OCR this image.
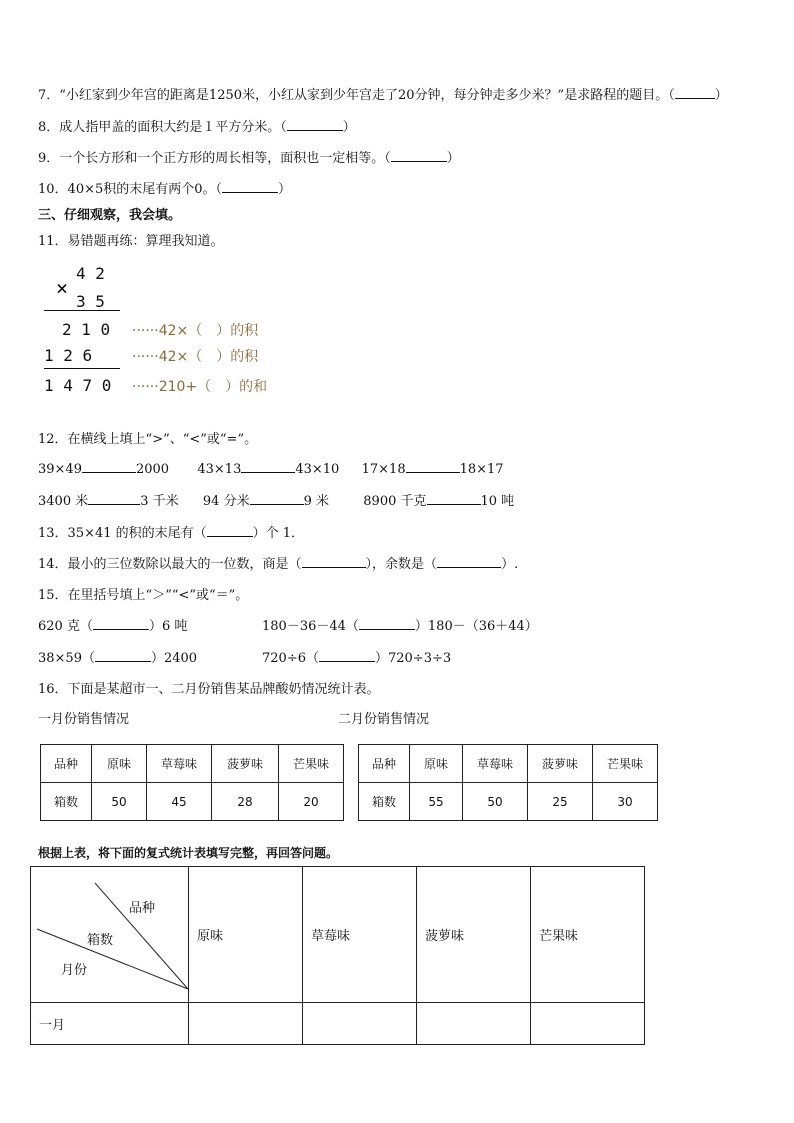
7．“小红家到少年宫的距离是1250米，小红从家到少年宫走了20分钟，每分钟走多少米？”是求路程的题目。（	）
8．成人指甲盖的面积大约是１平方分米。（	）
9．一个长方形和一个正方形的周长相等，面积也一定相等。（	）
10．40×5积的末尾有两个0。（	）
三、仔细观察，我会填。
11．易错题再练：算理我知道。
4 2
×
3 5
2 1 0 ······42×（　）的积
1 2 6	······42×（　）的积
1 4 7 0 ······210+（　）的和
12．在横线上填上“>”、“<”或“=”。
39×49	2000 43×13	43×10 17×18	18×17
3400 米	3 千米 94 分米	9 米	8900 千克	10 吨
13．35×41 的积的末尾有（	）个 1．
14．最小的三位数除以最大的一位数，商是（	），余数是（	）.
15．在里括号填上“＞”“<”或“＝”。
620 克（	）6 吨	180－36－44（	）180－（36＋44）
38×59（	）2400	720÷6（	）720÷3÷3
16．下面是某超市一、二月份销售某品牌酸奶情况统计表。
一月份销售情况	二月份销售情况
品种	原味	草莓味	菠萝味	芒果味
箱数	50	45	28	20
品种	原味	草莓味	菠萝味	芒果味
箱数	55	50	25	30
根据上表，将下面的复式统计表填写完整，再回答问题。
品种
箱数
月份	原味	草莓味	菠萝味	芒果味
一月				
